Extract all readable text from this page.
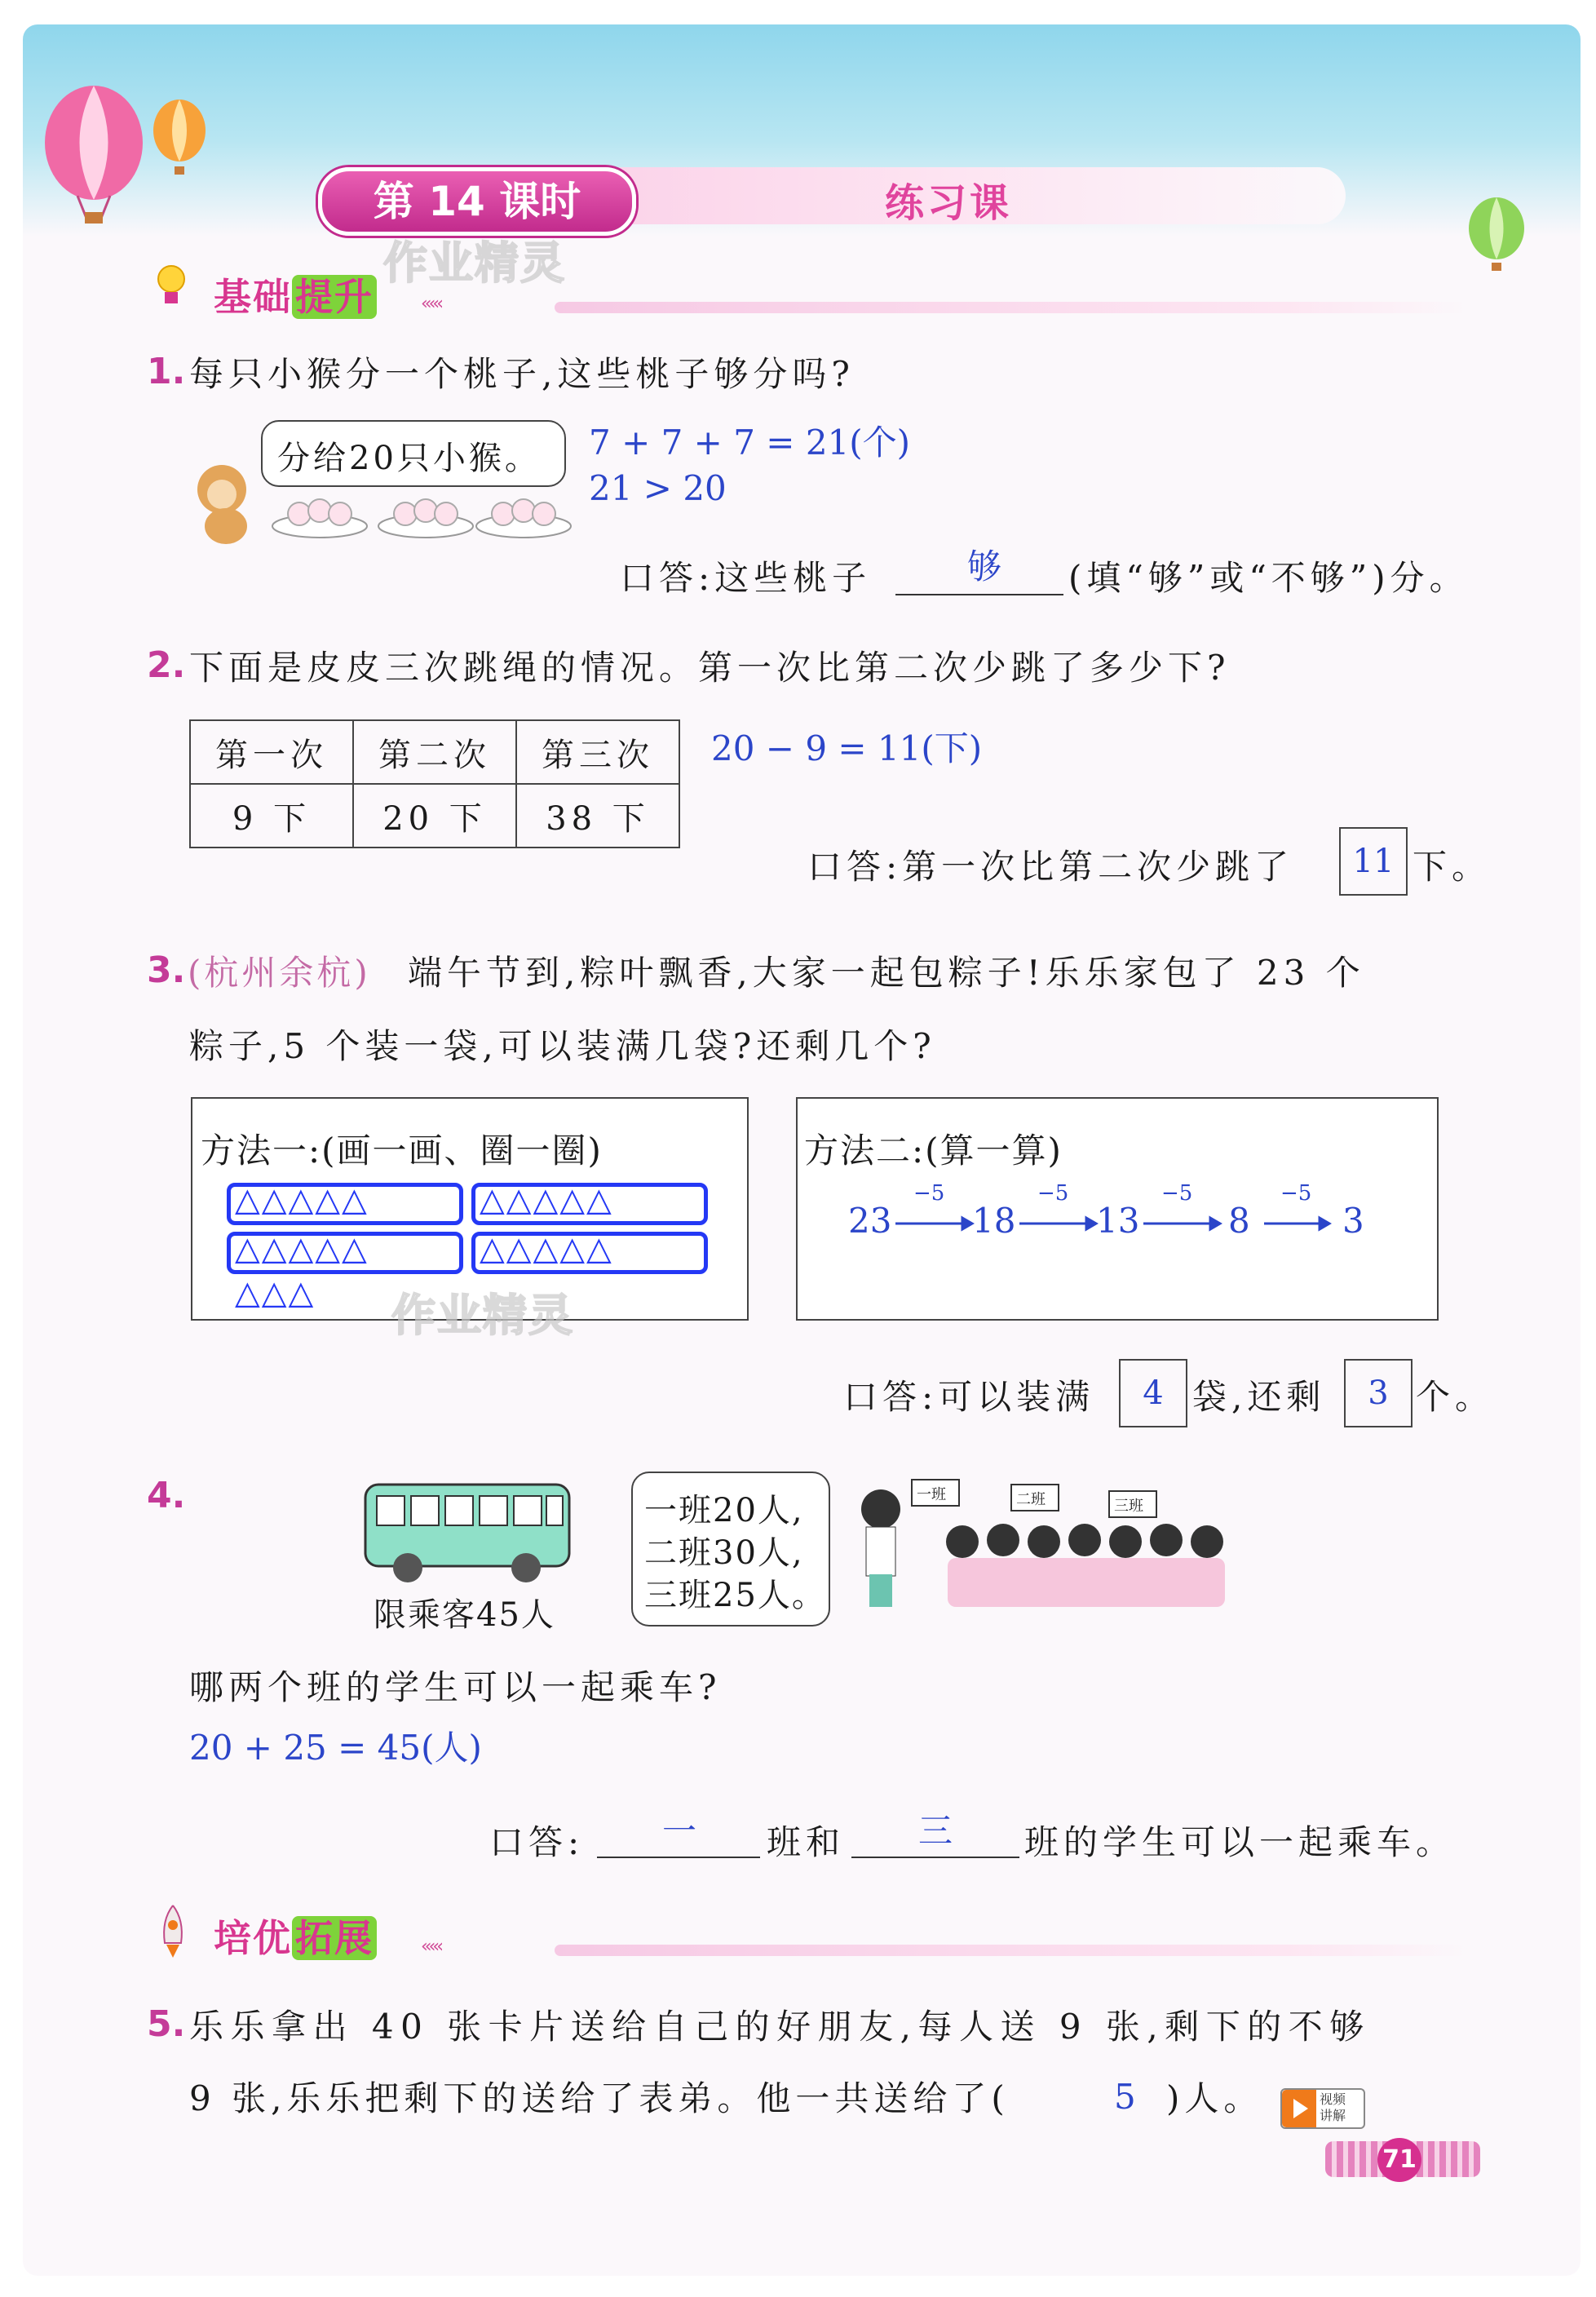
第 14 课时	练习课
基础提升	‹‹‹‹‹
作业精灵
1. 每只小猴分一个桃子,这些桃子够分吗?
分给20只小猴。 7 + 7 + 7 = 21(个)
21 > 20
口答:这些桃子	够 (填“够”或“不够”)分。
2. 下面是皮皮三次跳绳的情况。第一次比第二次少跳了多少下?
第一次	第二次	第三次
9 下	20 下	38 下
20 − 9 = 11(下)
口答:第一次比第二次少跳了	11 下。
3. (杭州余杭) 端午节到,粽叶飘香,大家一起包粽子!乐乐家包了 23 个
粽子,5 个装一袋,可以装满几袋?还剩几个?
方法一:(画一画、圈一圈)
△△△△△	△△△△△
△△△△△	△△△△△
△△△ 作业精灵
方法二:(算一算)
23 18 13	8	3
−5	−5	−5	−5
口答:可以装满	4 袋,还剩	3 个。
4.
限乘客45人
一班20人,
二班30人,
三班25人。
一班	二班	三班
哪两个班的学生可以一起乘车?
20 + 25 = 45(人)
口答: 一 班和 三 班的学生可以一起乘车。
培优拓展	‹‹‹‹‹
5. 乐乐拿出 40 张卡片送给自己的好朋友,每人送 9 张,剩下的不够
9 张,乐乐把剩下的送给了表弟。他一共送给了(	5 )人。	视频
讲解
71
